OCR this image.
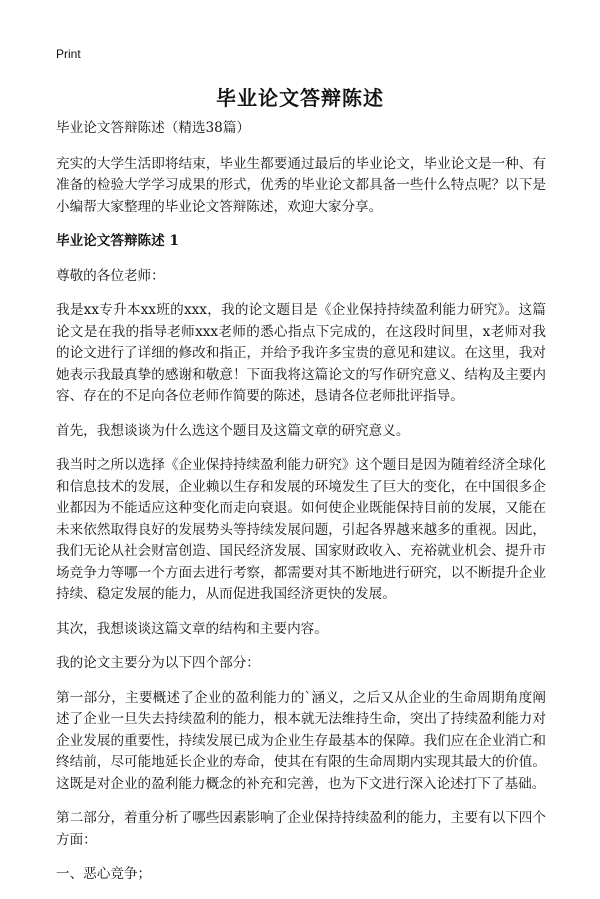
Print
毕业论文答辩陈述

毕业论文答辩陈述（精选38篇）

充实的大学生活即将结束，毕业生都要通过最后的毕业论文，毕业论文是一种、有准备的检验大学学习成果的形式，优秀的毕业论文都具备一些什么特点呢？以下是小编帮大家整理的毕业论文答辩陈述，欢迎大家分享。

毕业论文答辩陈述 1

尊敬的各位老师：

我是xx专升本xx班的xxx，我的论文题目是《企业保持持续盈利能力研究》。这篇论文是在我的指导老师xxx老师的悉心指点下完成的，在这段时间里，x老师对我的论文进行了详细的修改和指正，并给予我许多宝贵的意见和建议。在这里，我对她表示我最真挚的感谢和敬意！下面我将这篇论文的写作研究意义、结构及主要内容、存在的不足向各位老师作简要的陈述，恳请各位老师批评指导。

首先，我想谈谈为什么选这个题目及这篇文章的研究意义。

我当时之所以选择《企业保持持续盈利能力研究》这个题目是因为随着经济全球化和信息技术的发展，企业赖以生存和发展的环境发生了巨大的变化，在中国很多企业都因为不能适应这种变化而走向衰退。如何使企业既能保持目前的发展，又能在未来依然取得良好的发展势头等持续发展问题，引起各界越来越多的重视。因此，我们无论从社会财富创造、国民经济发展、国家财政收入、充裕就业机会、提升市场竞争力等哪一个方面去进行考察，都需要对其不断地进行研究，以不断提升企业持续、稳定发展的能力，从而促进我国经济更快的发展。

其次，我想谈谈这篇文章的结构和主要内容。

我的论文主要分为以下四个部分：

第一部分，主要概述了企业的盈利能力的`涵义，之后又从企业的生命周期角度阐述了企业一旦失去持续盈利的能力，根本就无法维持生命，突出了持续盈利能力对企业发展的重要性，持续发展已成为企业生存最基本的保障。我们应在企业消亡和终结前，尽可能地延长企业的寿命，使其在有限的生命周期内实现其最大的价值。这既是对企业的盈利能力概念的补充和完善，也为下文进行深入论述打下了基础。

第二部分，着重分析了哪些因素影响了企业保持持续盈利的能力，主要有以下四个方面：

一、恶心竞争；
